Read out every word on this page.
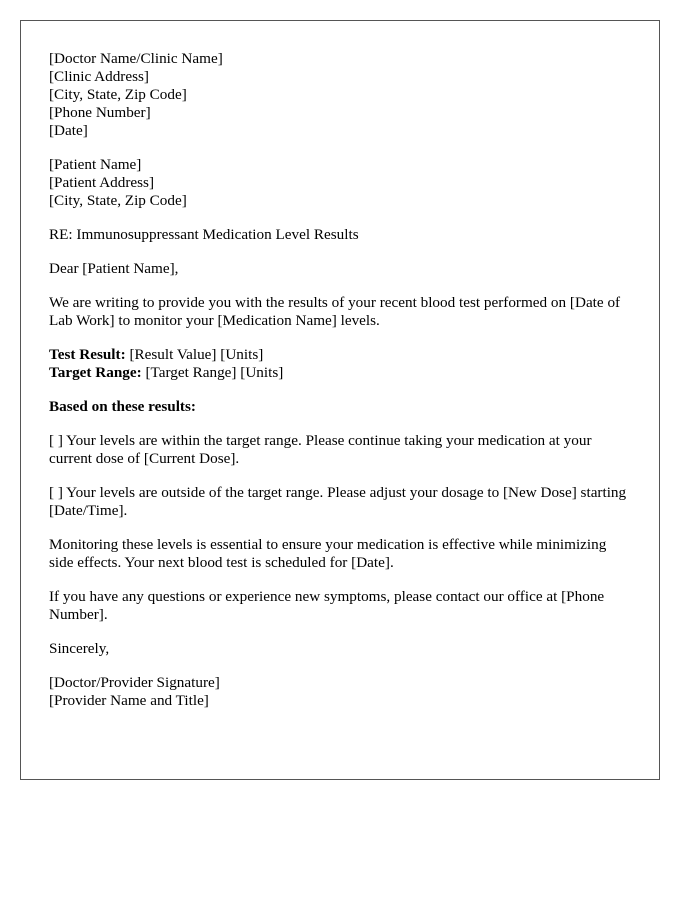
[Doctor Name/Clinic Name]
[Clinic Address]
[City, State, Zip Code]
[Phone Number]
[Date]
[Patient Name]
[Patient Address]
[City, State, Zip Code]

RE: Immunosuppressant Medication Level Results

Dear [Patient Name],

We are writing to provide you with the results of your recent blood test performed on [Date of Lab Work] to monitor your [Medication Name] levels.

Test Result: [Result Value] [Units]
Target Range: [Target Range] [Units]

Based on these results:

[ ] Your levels are within the target range. Please continue taking your medication at your current dose of [Current Dose].

[ ] Your levels are outside of the target range. Please adjust your dosage to [New Dose] starting [Date/Time].

Monitoring these levels is essential to ensure your medication is effective while minimizing side effects. Your next blood test is scheduled for [Date].

If you have any questions or experience new symptoms, please contact our office at [Phone Number].

Sincerely,

[Doctor/Provider Signature]
[Provider Name and Title]
